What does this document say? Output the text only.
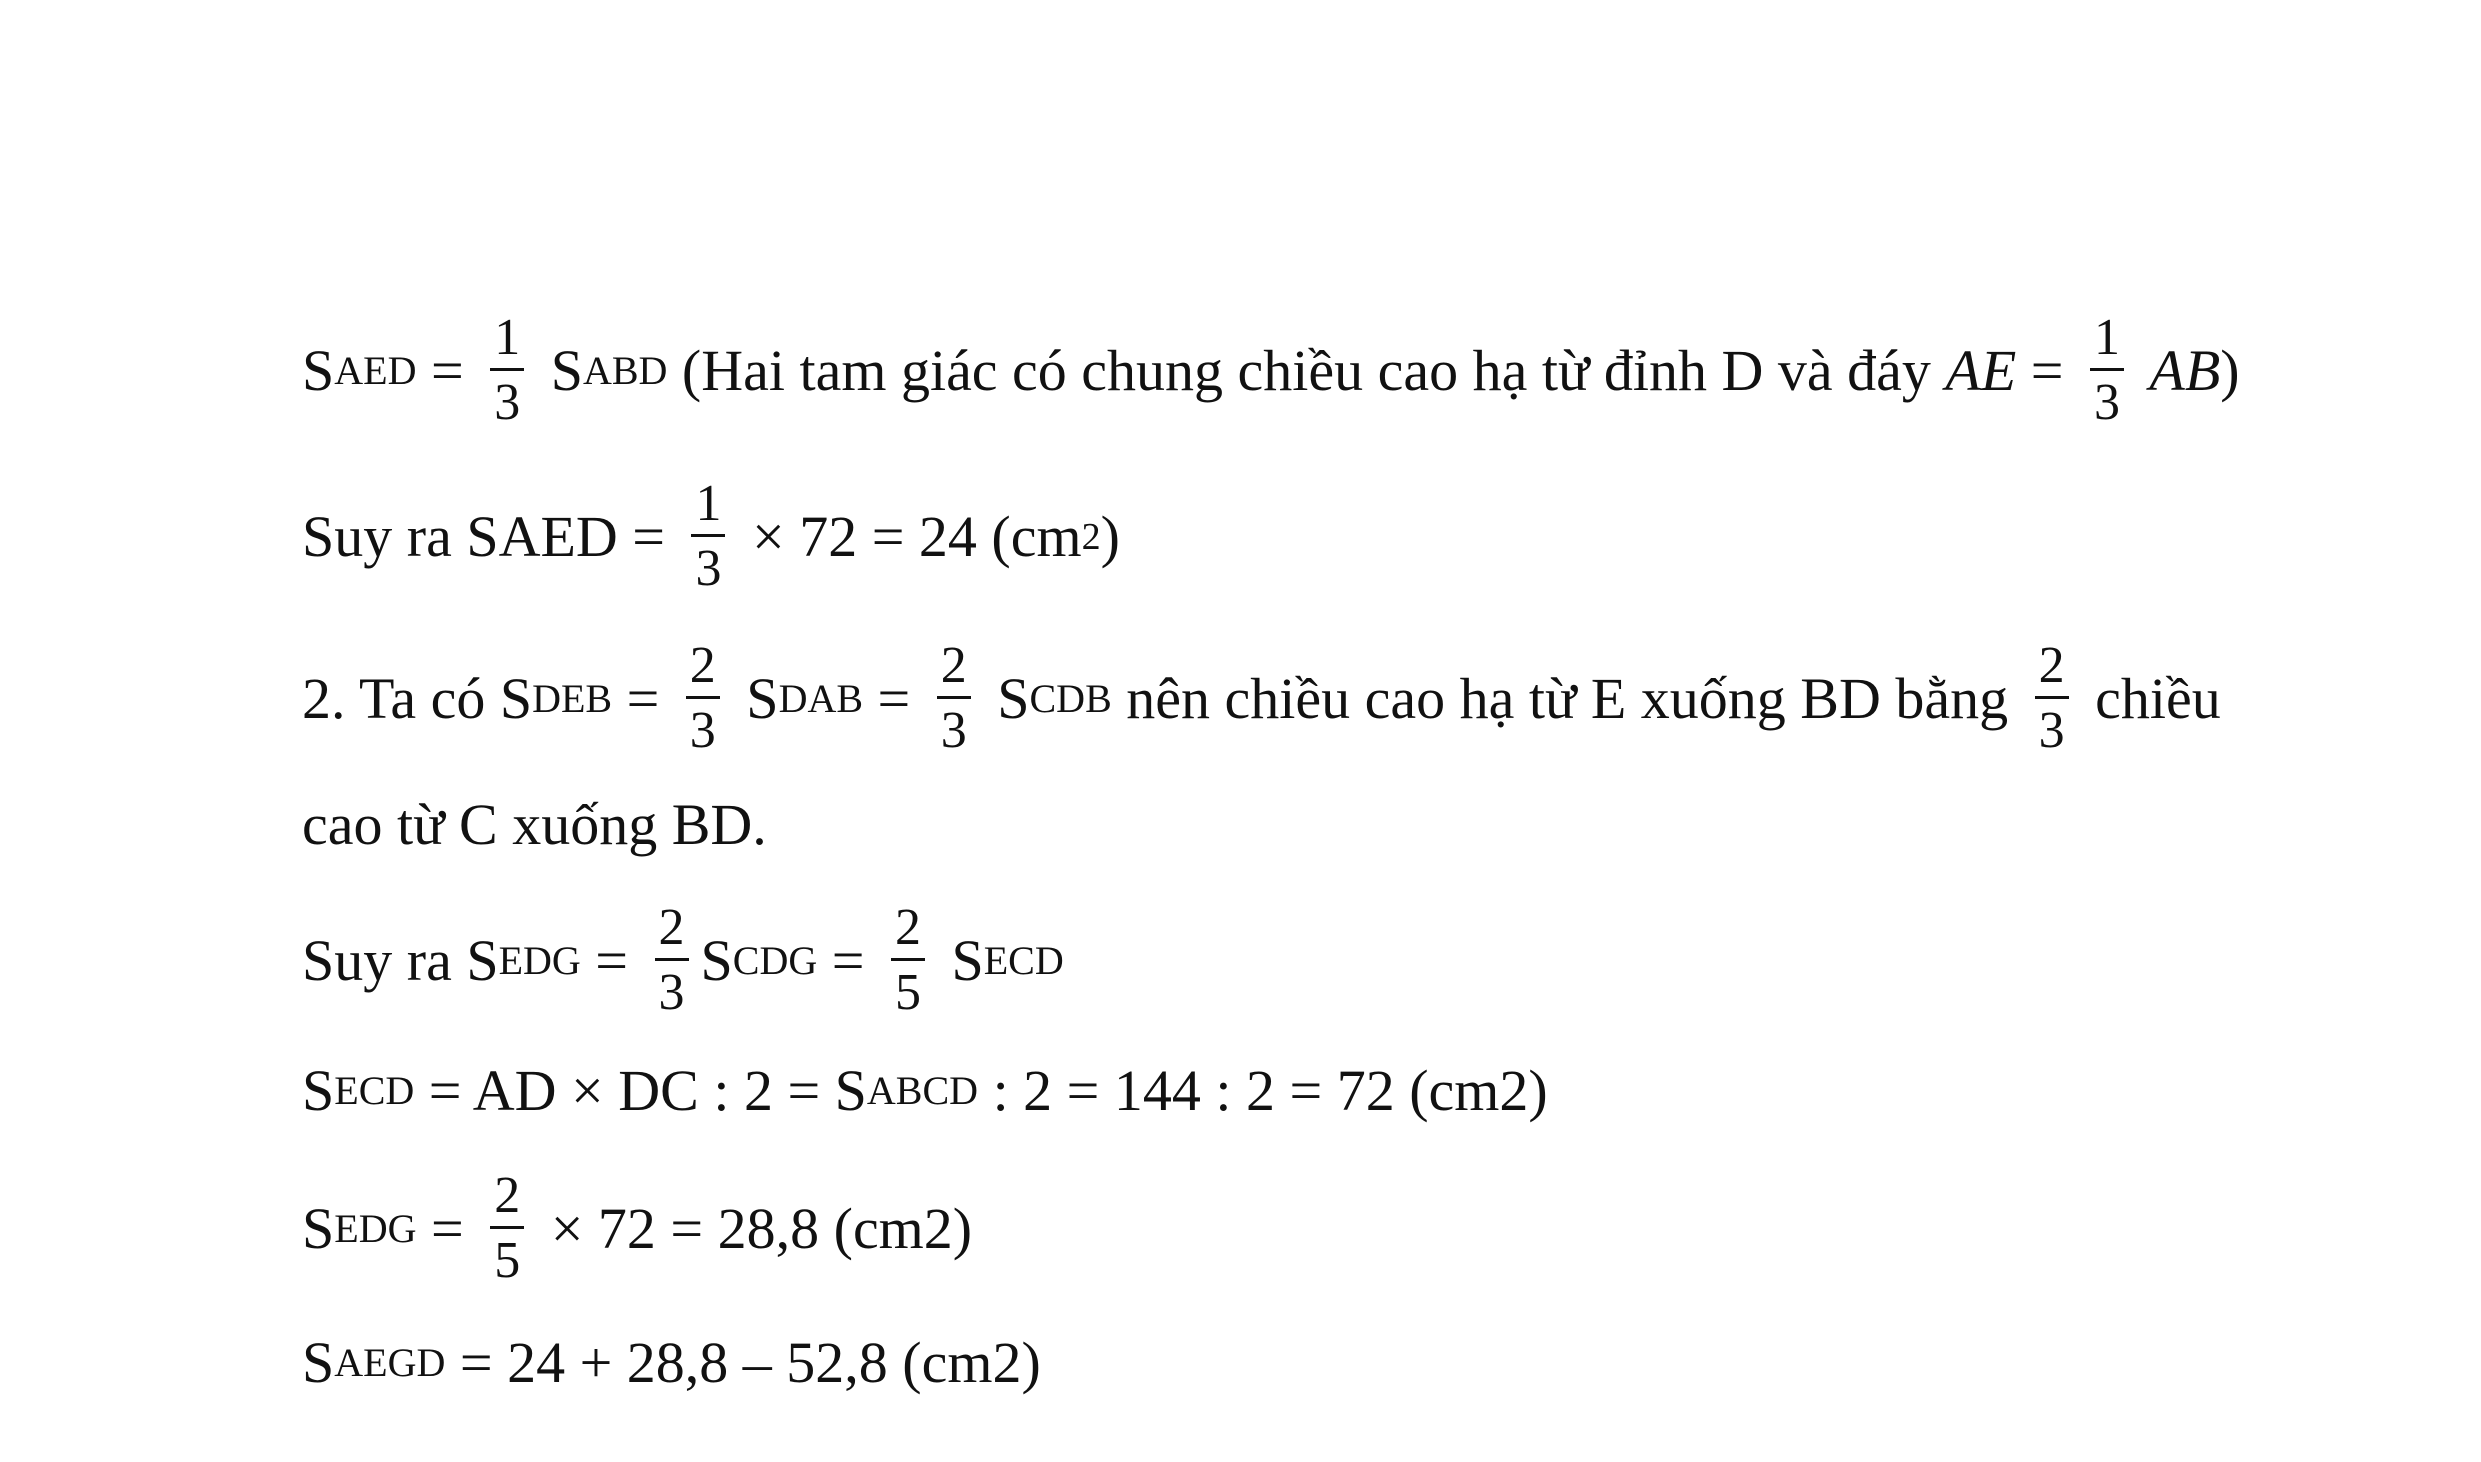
S AED = $\frac{1}{3}$ S ABD (Hai tam giác có chung chiều cao hạ từ đỉnh D và đáy AE = $\frac{1}{3}$ AB )
Suy ra SAED = $\frac{1}{3} \times 72 = 24$ (cm 2 )
2. Ta có S DEB = $\frac{2}{3}$ S DAB = $\frac{2}{3}$ S CDB nên chiều cao hạ từ E xuống BD bằng $\frac{2}{3}$ chiều
cao từ C xuống BD.
Suy ra S EDG = $\frac{2}{3}$ S CDG = $\frac{2}{5}$ S ECD
S ECD = AD × DC : 2 = S ABCD : 2 = 144 : 2 = 72 (cm2)
S EDG = $\frac{2}{5} \times 72 = 28,8$ (cm2)
S AEGD = 24 + 28,8 – 52,8 (cm2)
